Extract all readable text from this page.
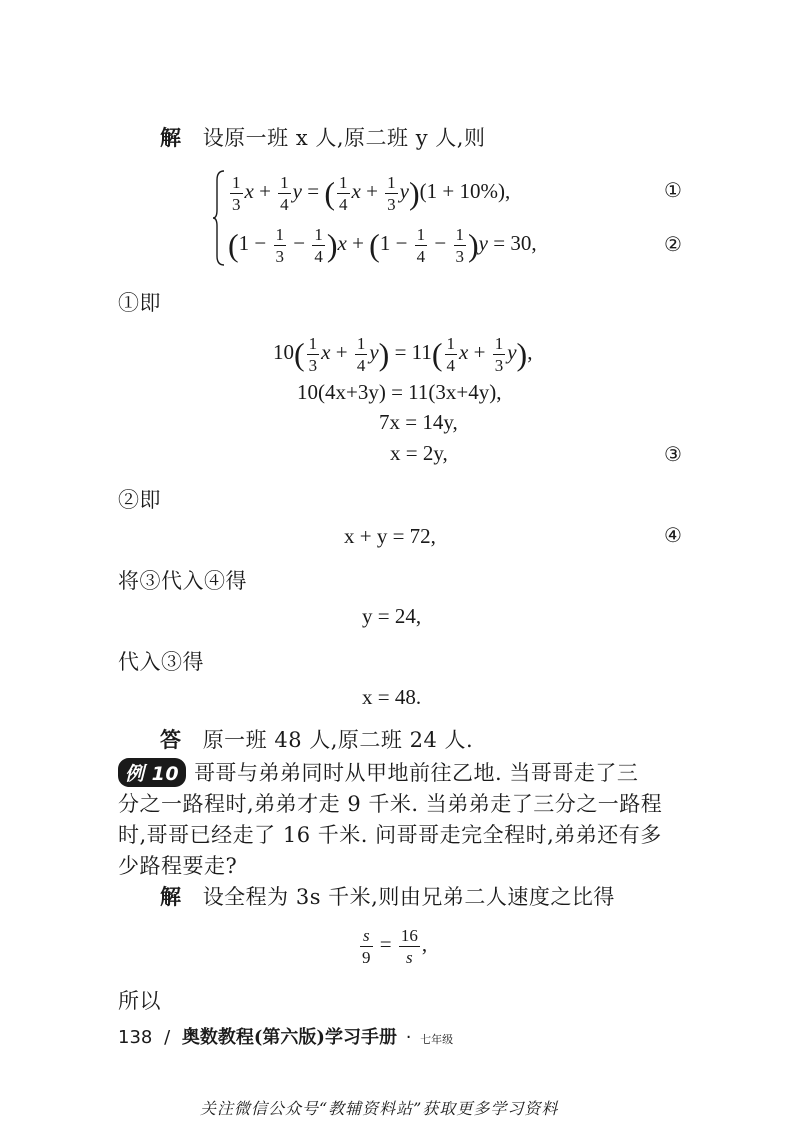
解 设原一班 x 人,原二班 y 人,则
$\frac{1}{3}$ $x + \frac{1}{4}$ y = ( $\frac{1}{4}$ $x + \frac{1}{3} y)(1 + 10\%)$,	①
$(1 - \frac{1}{3} - \frac{1}{4} )x + (1 - \frac{1}{4} - \frac{1}{3} )y = 30$,	②
①即
$10( \frac{1}{3}$ $x + \frac{1}{4} y) = 11( \frac{1}{4}$ $x + \frac{1}{3} y$),
10(4x+3y) = 11(3x+4y),
7x = 14y,
x = 2y,	③
②即
x + y = 72,	④
将③代入④得
y = 24,
代入③得
x = 48.
答 原一班 48 人,原二班 24 人.
例 10 哥哥与弟弟同时从甲地前往乙地. 当哥哥走了三
分之一路程时,弟弟才走 9 千米. 当弟弟走了三分之一路程
时,哥哥已经走了 16 千米. 问哥哥走完全程时,弟弟还有多
少路程要走?
解 设全程为 3s 千米,则由兄弟二人速度之比得
$\frac{s}{9} = \frac{16}{s}$ ,
所以
138 / 奥数教程(第六版)学习手册 · 七年级
关注微信公众号“教辅资料站”获取更多学习资料
